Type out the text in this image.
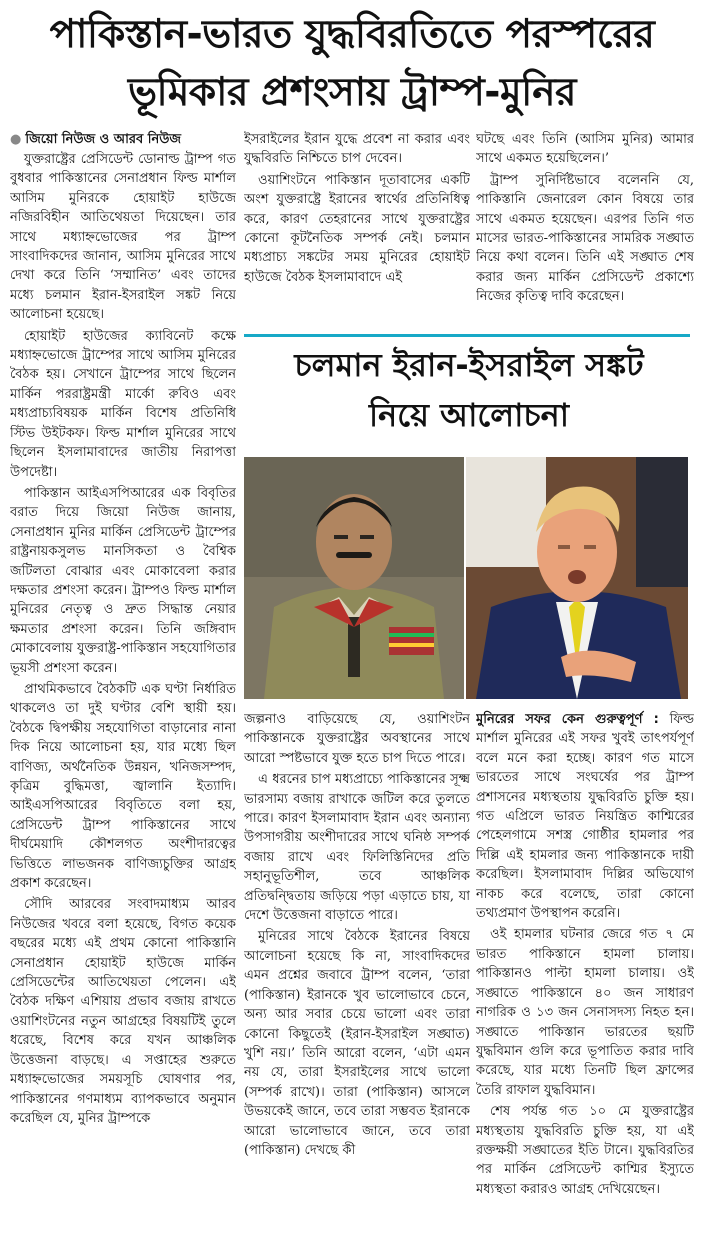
পাকিস্তান-ভারত যুদ্ধবিরতিতে পরস্পরের
ভূমিকার প্রশংসায় ট্রাম্প-মুনির
● জিয়ো নিউজ ও আরব নিউজ

যুক্তরাষ্ট্রের প্রেসিডেন্ট ডোনাল্ড ট্রাম্প গত বুধবার পাকিস্তানের সেনাপ্রধান ফিল্ড মার্শাল আসিম মুনিরকে হোয়াইট হাউজে নজিরবিহীন আতিথেয়তা দিয়েছেন। তার সাথে মধ্যাহ্নভোজের পর ট্রাম্প সাংবাদিকদের জানান, আসিম মুনিরের সাথে দেখা করে তিনি ‘সম্মানিত’ এবং তাদের মধ্যে চলমান ইরান-ইসরাইল সঙ্কট নিয়ে আলোচনা হয়েছে।

হোয়াইট হাউজের ক্যাবিনেট কক্ষে মধ্যাহ্নভোজে ট্রাম্পের সাথে আসিম মুনিরের বৈঠক হয়। সেখানে ট্রাম্পের সাথে ছিলেন মার্কিন পররাষ্ট্রমন্ত্রী মার্কো রুবিও এবং মধ্যপ্রাচ্যবিষয়ক মার্কিন বিশেষ প্রতিনিধি স্টিভ উইটকফ। ফিল্ড মার্শাল মুনিরের সাথে ছিলেন ইসলামাবাদের জাতীয় নিরাপত্তা উপদেষ্টা।

পাকিস্তান আইএসপিআরের এক বিবৃতির বরাত দিয়ে জিয়ো নিউজ জানায়, সেনাপ্রধান মুনির মার্কিন প্রেসিডেন্ট ট্রাম্পের রাষ্ট্রনায়কসুলভ মানসিকতা ও বৈশ্বিক জটিলতা বোঝার এবং মোকাবেলা করার দক্ষতার প্রশংসা করেন। ট্রাম্পও ফিল্ড মার্শাল মুনিরের নেতৃত্ব ও দ্রুত সিদ্ধান্ত নেয়ার ক্ষমতার প্রশংসা করেন। তিনি জঙ্গিবাদ মোকাবেলায় যুক্তরাষ্ট্র-পাকিস্তান সহযোগিতার ভূয়সী প্রশংসা করেন।

প্রাথমিকভাবে বৈঠকটি এক ঘণ্টা নির্ধারিত থাকলেও তা দুই ঘণ্টার বেশি স্থায়ী হয়। বৈঠকে দ্বিপক্ষীয় সহযোগিতা বাড়ানোর নানা দিক নিয়ে আলোচনা হয়, যার মধ্যে ছিল বাণিজ্য, অর্থনৈতিক উন্নয়ন, খনিজসম্পদ, কৃত্রিম বুদ্ধিমত্তা, জ্বালানি ইত্যাদি। আইএসপিআরের বিবৃতিতে বলা হয়, প্রেসিডেন্ট ট্রাম্প পাকিস্তানের সাথে দীর্ঘমেয়াদি কৌশলগত অংশীদারত্বের ভিত্তিতে লাভজনক বাণিজ্যচুক্তির আগ্রহ প্রকাশ করেছেন।

সৌদি আরবের সংবাদমাধ্যম আরব নিউজের খবরে বলা হয়েছে, বিগত কয়েক বছরের মধ্যে এই প্রথম কোনো পাকিস্তানি সেনাপ্রধান হোয়াইট হাউজে মার্কিন প্রেসিডেন্টের আতিথেয়তা পেলেন। এই বৈঠক দক্ষিণ এশিয়ায় প্রভাব বজায় রাখতে ওয়াশিংটনের নতুন আগ্রহের বিষয়টিই তুলে ধরেছে, বিশেষ করে যখন আঞ্চলিক উত্তেজনা বাড়ছে। এ সপ্তাহের শুরুতে মধ্যাহ্নভোজের সময়সূচি ঘোষণার পর, পাকিস্তানের গণমাধ্যম ব্যাপকভাবে অনুমান করেছিল যে, মুনির ট্রাম্পকে

ইসরাইলের ইরান যুদ্ধে প্রবেশ না করার এবং যুদ্ধবিরতি নিশ্চিতে চাপ দেবেন।

ওয়াশিংটনে পাকিস্তান দূতাবাসের একটি অংশ যুক্তরাষ্ট্রে ইরানের স্বার্থের প্রতিনিধিত্ব করে, কারণ তেহরানের সাথে যুক্তরাষ্ট্রের কোনো কূটনৈতিক সম্পর্ক নেই। চলমান মধ্যপ্রাচ্য সঙ্কটের সময় মুনিরের হোয়াইট হাউজে বৈঠক ইসলামাবাদে এই

ঘটছে এবং তিনি (আসিম মুনির) আমার সাথে একমত হয়েছিলেন।’

ট্রাম্প সুনির্দিষ্টভাবে বলেননি যে, পাকিস্তানি জেনারেল কোন বিষয়ে তার সাথে একমত হয়েছেন। এরপর তিনি গত মাসের ভারত-পাকিস্তানের সামরিক সঙ্ঘাত নিয়ে কথা বলেন। তিনি এই সঙ্ঘাত শেষ করার জন্য মার্কিন প্রেসিডেন্ট প্রকাশ্যে নিজের কৃতিত্ব দাবি করেছেন।

চলমান ইরান-ইসরাইল সঙ্কট
নিয়ে আলোচনা

জল্পনাও বাড়িয়েছে যে, ওয়াশিংটন পাকিস্তানকে যুক্তরাষ্ট্রের অবস্থানের সাথে আরো স্পষ্টভাবে যুক্ত হতে চাপ দিতে পারে।

এ ধরনের চাপ মধ্যপ্রাচ্যে পাকিস্তানের সূক্ষ্ম ভারসাম্য বজায় রাখাকে জটিল করে তুলতে পারে। কারণ ইসলামাবাদ ইরান এবং অন্যান্য উপসাগরীয় অংশীদারের সাথে ঘনিষ্ঠ সম্পর্ক বজায় রাখে এবং ফিলিস্তিনিদের প্রতি সহানুভূতিশীল, তবে আঞ্চলিক প্রতিদ্বন্দ্বিতায় জড়িয়ে পড়া এড়াতে চায়, যা দেশে উত্তেজনা বাড়াতে পারে।

মুনিরের সাথে বৈঠকে ইরানের বিষয়ে আলোচনা হয়েছে কি না, সাংবাদিকদের এমন প্রশ্নের জবাবে ট্রাম্প বলেন, ‘তারা (পাকিস্তান) ইরানকে খুব ভালোভাবে চেনে, অন্য আর সবার চেয়ে ভালো এবং তারা কোনো কিছুতেই (ইরান-ইসরাইল সঙ্ঘাত) খুশি নয়।’ তিনি আরো বলেন, ‘এটা এমন নয় যে, তারা ইসরাইলের সাথে ভালো (সম্পর্ক রাখে)। তারা (পাকিস্তান) আসলে উভয়কেই জানে, তবে তারা সম্ভবত ইরানকে আরো ভালোভাবে জানে, তবে তারা (পাকিস্তান) দেখছে কী

মুনিরের সফর কেন গুরুত্বপূর্ণ : ফিল্ড মার্শাল মুনিরের এই সফর খুবই তাৎপর্যপূর্ণ বলে মনে করা হচ্ছে। কারণ গত মাসে ভারতের সাথে সংঘর্ষের পর ট্রাম্প প্রশাসনের মধ্যস্থতায় যুদ্ধবিরতি চুক্তি হয়। গত এপ্রিলে ভারত নিয়ন্ত্রিত কাশ্মিরের পেহেলগামে সশস্ত্র গোষ্ঠীর হামলার পর দিল্লি এই হামলার জন্য পাকিস্তানকে দায়ী করেছিল। ইসলামাবাদ দিল্লির অভিযোগ নাকচ করে বলেছে, তারা কোনো তথ্যপ্রমাণ উপস্থাপন করেনি।

ওই হামলার ঘটনার জেরে গত ৭ মে ভারত পাকিস্তানে হামলা চালায়। পাকিস্তানও পাল্টা হামলা চালায়। ওই সঙ্ঘাতে পাকিস্তানে ৪০ জন সাধারণ নাগরিক ও ১৩ জন সেনাসদস্য নিহত হন। সঙ্ঘাতে পাকিস্তান ভারতের ছয়টি যুদ্ধবিমান গুলি করে ভূপাতিত করার দাবি করেছে, যার মধ্যে তিনটি ছিল ফ্রান্সের তৈরি রাফাল যুদ্ধবিমান।

শেষ পর্যন্ত গত ১০ মে যুক্তরাষ্ট্রের মধ্যস্থতায় যুদ্ধবিরতি চুক্তি হয়, যা এই রক্তক্ষয়ী সঙ্ঘাতের ইতি টানে। যুদ্ধবিরতির পর মার্কিন প্রেসিডেন্ট কাশ্মির ইস্যুতে মধ্যস্থতা করারও আগ্রহ দেখিয়েছেন।
